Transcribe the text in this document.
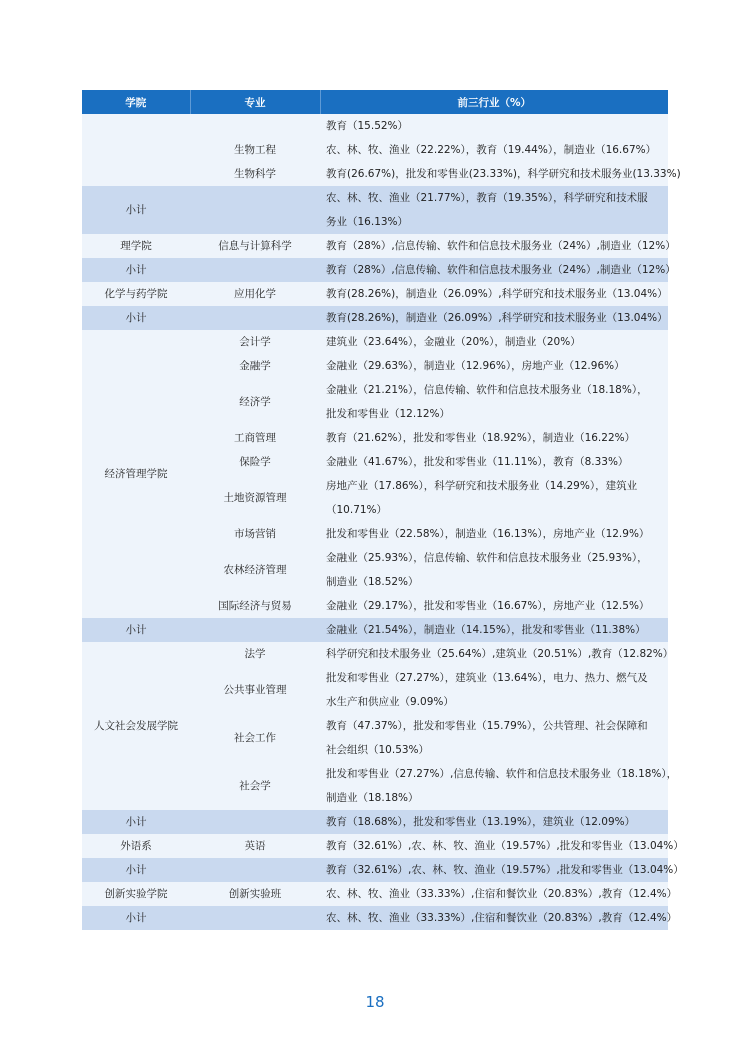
学院	专业	前三行业（%）
		教育（15.52%）
	生物工程	农、林、牧、渔业（22.22%），教育（19.44%），制造业（16.67%）
	生物科学	教育(26.67%)，批发和零售业(23.33%)，科学研究和技术服务业(13.33%)
小计		农、林、牧、渔业（21.77%），教育（19.35%），科学研究和技术服
		务业（16.13%）
理学院	信息与计算科学	教育（28%）,信息传输、软件和信息技术服务业（24%）,制造业（12%）
小计		教育（28%）,信息传输、软件和信息技术服务业（24%）,制造业（12%）
化学与药学院	应用化学	教育(28.26%)，制造业（26.09%）,科学研究和技术服务业（13.04%）
小计		教育(28.26%)，制造业（26.09%）,科学研究和技术服务业（13.04%）
经济管理学院	会计学	建筑业（23.64%），金融业（20%），制造业（20%）
	金融学	金融业（29.63%），制造业（12.96%），房地产业（12.96%）
	经济学	金融业（21.21%），信息传输、软件和信息技术服务业（18.18%），
		批发和零售业（12.12%）
	工商管理	教育（21.62%），批发和零售业（18.92%），制造业（16.22%）
	保险学	金融业（41.67%），批发和零售业（11.11%），教育（8.33%）
	土地资源管理	房地产业（17.86%），科学研究和技术服务业（14.29%），建筑业
		（10.71%）
	市场营销	批发和零售业（22.58%），制造业（16.13%），房地产业（12.9%）
	农林经济管理	金融业（25.93%），信息传输、软件和信息技术服务业（25.93%），
		制造业（18.52%）
	国际经济与贸易	金融业（29.17%），批发和零售业（16.67%），房地产业（12.5%）
小计		金融业（21.54%），制造业（14.15%），批发和零售业（11.38%）
人文社会发展学院	法学	科学研究和技术服务业（25.64%）,建筑业（20.51%）,教育（12.82%）
	公共事业管理	批发和零售业（27.27%），建筑业（13.64%），电力、热力、燃气及
		水生产和供应业（9.09%）
	社会工作	教育（47.37%），批发和零售业（15.79%），公共管理、社会保障和
		社会组织（10.53%）
	社会学	批发和零售业（27.27%）,信息传输、软件和信息技术服务业（18.18%），
		制造业（18.18%）
小计		教育（18.68%），批发和零售业（13.19%），建筑业（12.09%）
外语系	英语	教育（32.61%）,农、林、牧、渔业（19.57%）,批发和零售业（13.04%）
小计		教育（32.61%）,农、林、牧、渔业（19.57%）,批发和零售业（13.04%）
创新实验学院	创新实验班	农、林、牧、渔业（33.33%）,住宿和餐饮业（20.83%）,教育（12.4%）
小计		农、林、牧、渔业（33.33%）,住宿和餐饮业（20.83%）,教育（12.4%）
18
